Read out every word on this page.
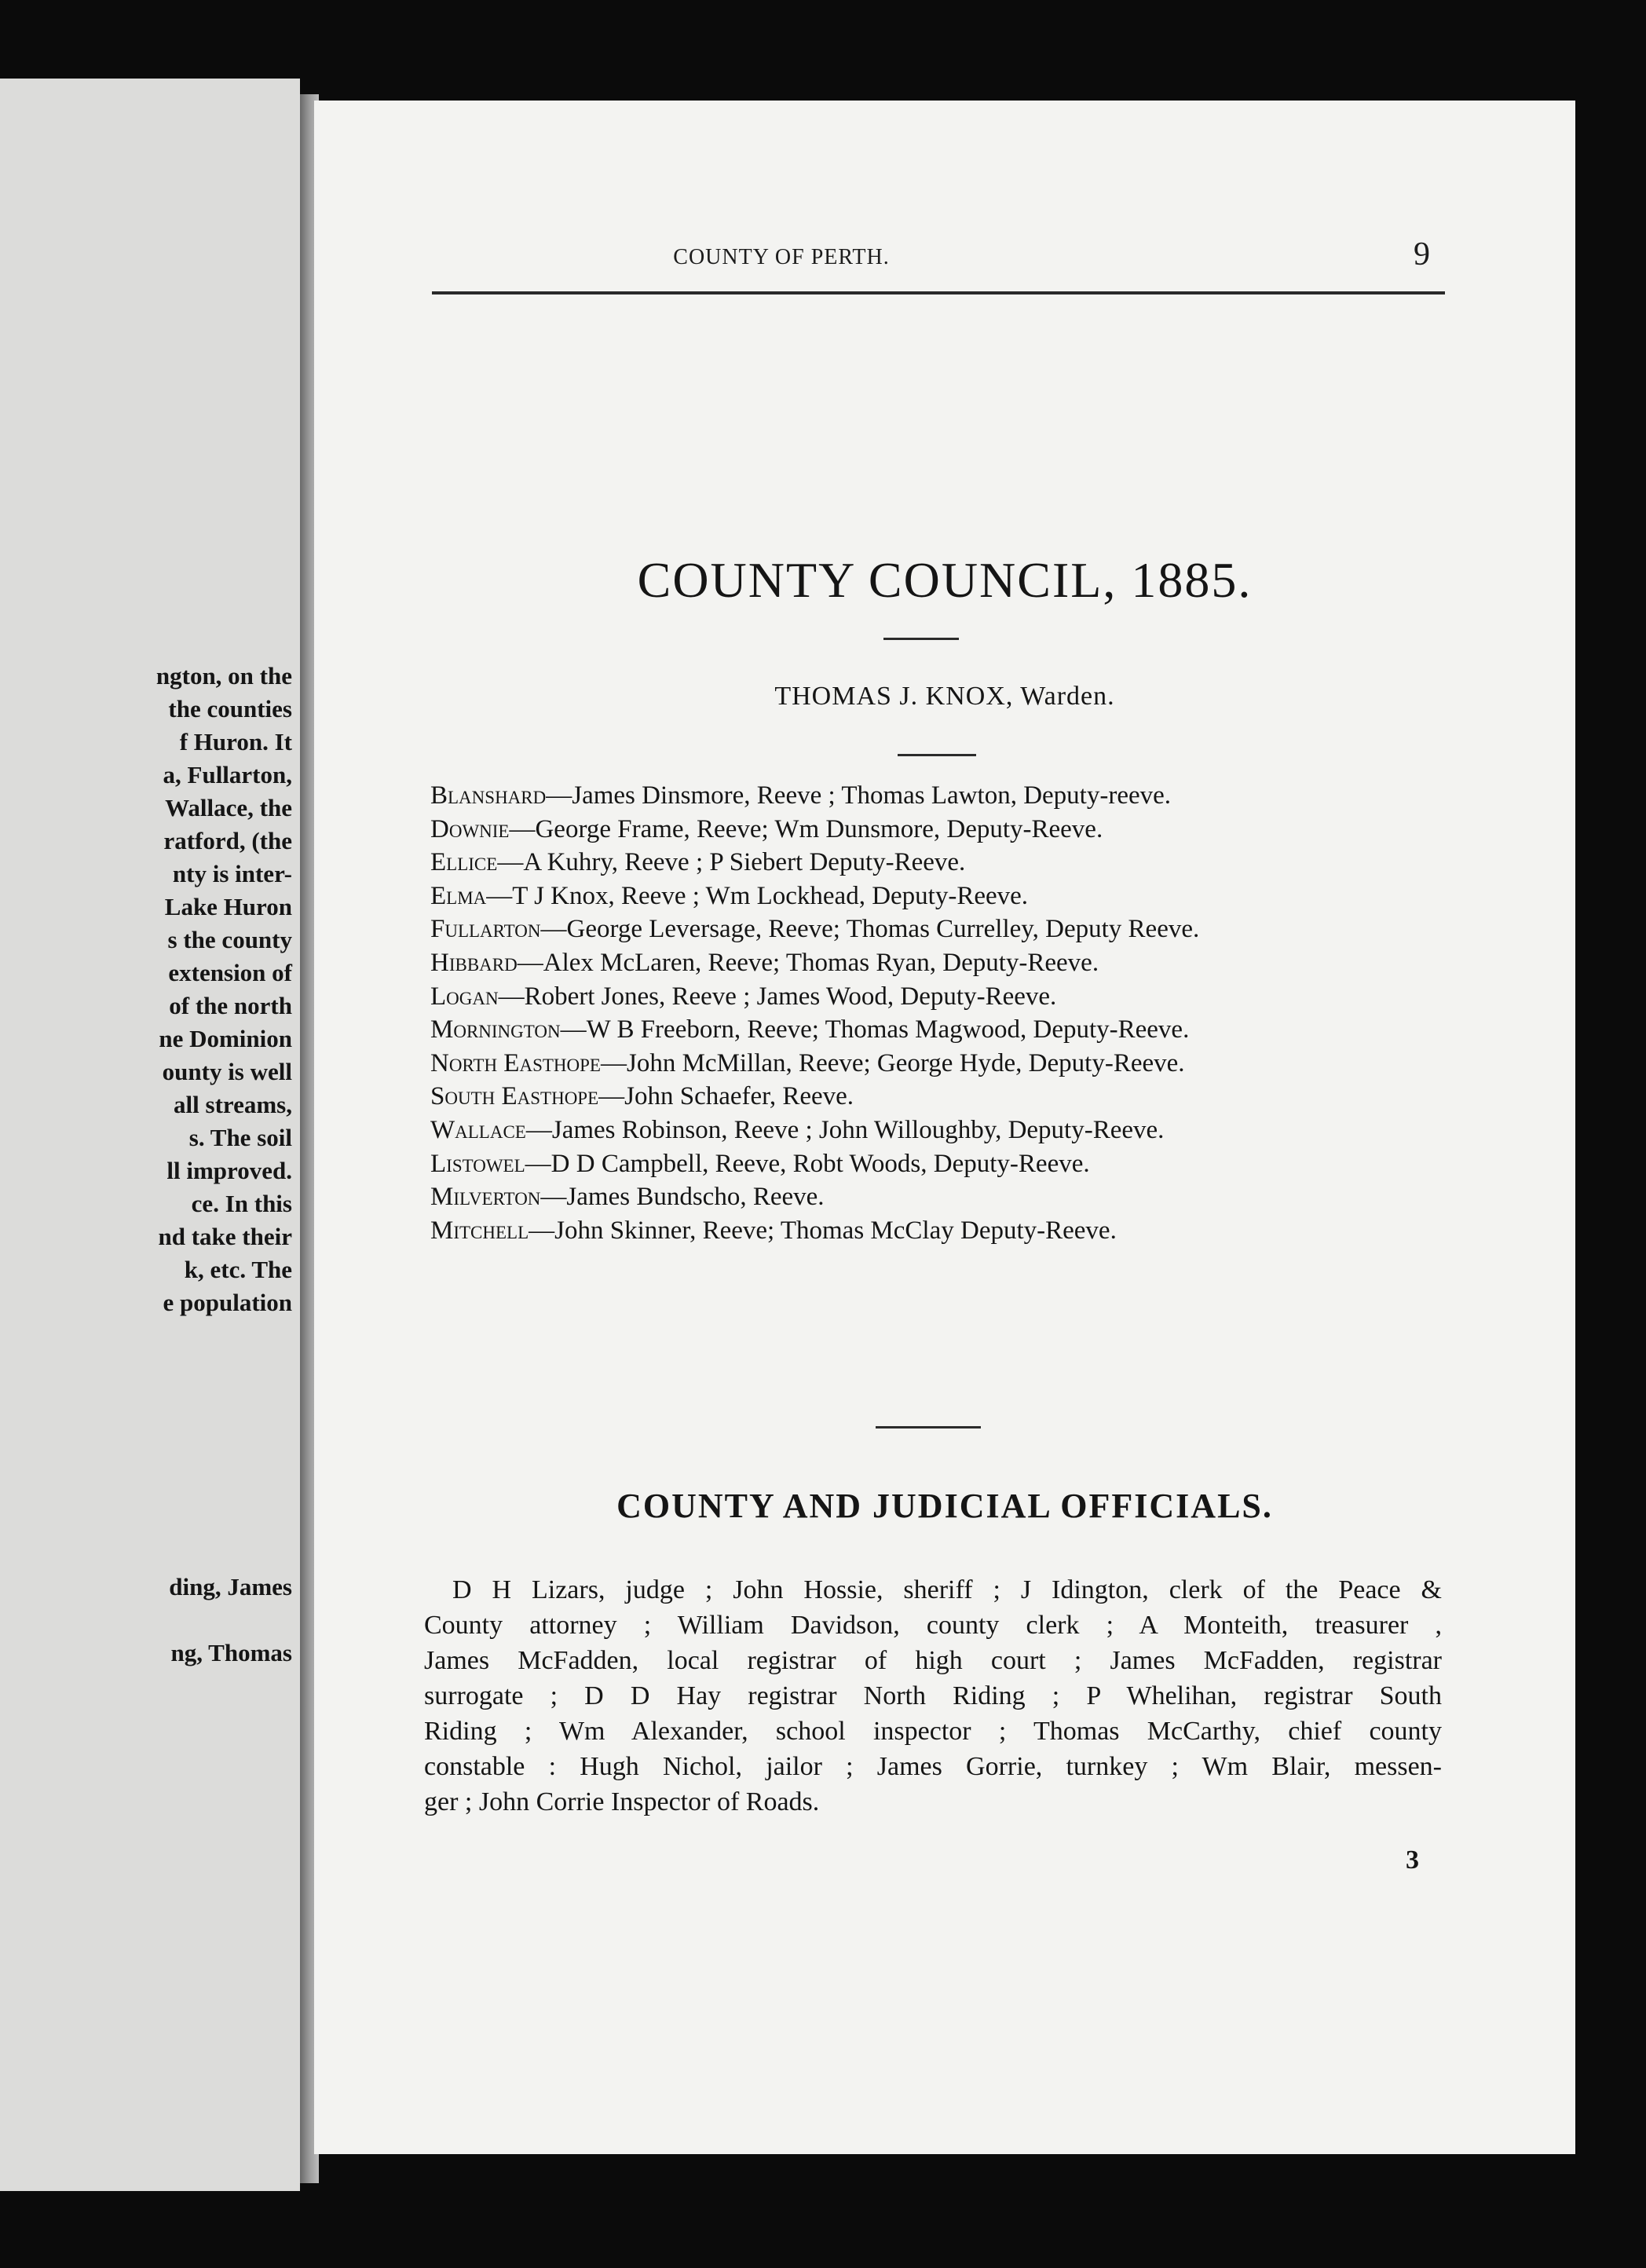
ngton, on the
the counties
f Huron. It
a, Fullarton,
Wallace, the
ratford, (the
nty is inter-
Lake Huron
s the county
extension of
of the north
ne Dominion
ounty is well
all streams,
s. The soil
ll improved.
ce. In this
nd take their
k, etc. The
e population
ding, James
ng, Thomas
COUNTY OF PERTH.	9
COUNTY COUNCIL, 1885.
THOMAS J. KNOX, Warden.
Blanshard—James Dinsmore, Reeve ; Thomas Lawton, Deputy-reeve.
Downie—George Frame, Reeve; Wm Dunsmore, Deputy-Reeve.
Ellice—A Kuhry, Reeve ; P Siebert Deputy-Reeve.
Elma—T J Knox, Reeve ; Wm Lockhead, Deputy-Reeve.
Fullarton—George Leversage, Reeve; Thomas Currelley, Deputy Reeve.
Hibbard—Alex McLaren, Reeve; Thomas Ryan, Deputy-Reeve.
Logan—Robert Jones, Reeve ; James Wood, Deputy-Reeve.
Mornington—W B Freeborn, Reeve; Thomas Magwood, Deputy-Reeve.
North Easthope—John McMillan, Reeve; George Hyde, Deputy-Reeve.
South Easthope—John Schaefer, Reeve.
Wallace—James Robinson, Reeve ; John Willoughby, Deputy-Reeve.
Listowel—D D Campbell, Reeve, Robt Woods, Deputy-Reeve.
Milverton—James Bundscho, Reeve.
Mitchell—John Skinner, Reeve; Thomas McClay Deputy-Reeve.
COUNTY AND JUDICIAL OFFICIALS.
D H Lizars, judge ; John Hossie, sheriff ; J Idington, clerk of the Peace &
County attorney ; William Davidson, county clerk ; A Monteith, treasurer ,
James McFadden, local registrar of high court ; James McFadden, registrar
surrogate ; D D Hay registrar North Riding ; P Whelihan, registrar South
Riding ; Wm Alexander, school inspector ; Thomas McCarthy, chief county
constable : Hugh Nichol, jailor ; James Gorrie, turnkey ; Wm Blair, messen-
ger ; John Corrie Inspector of Roads.
3
